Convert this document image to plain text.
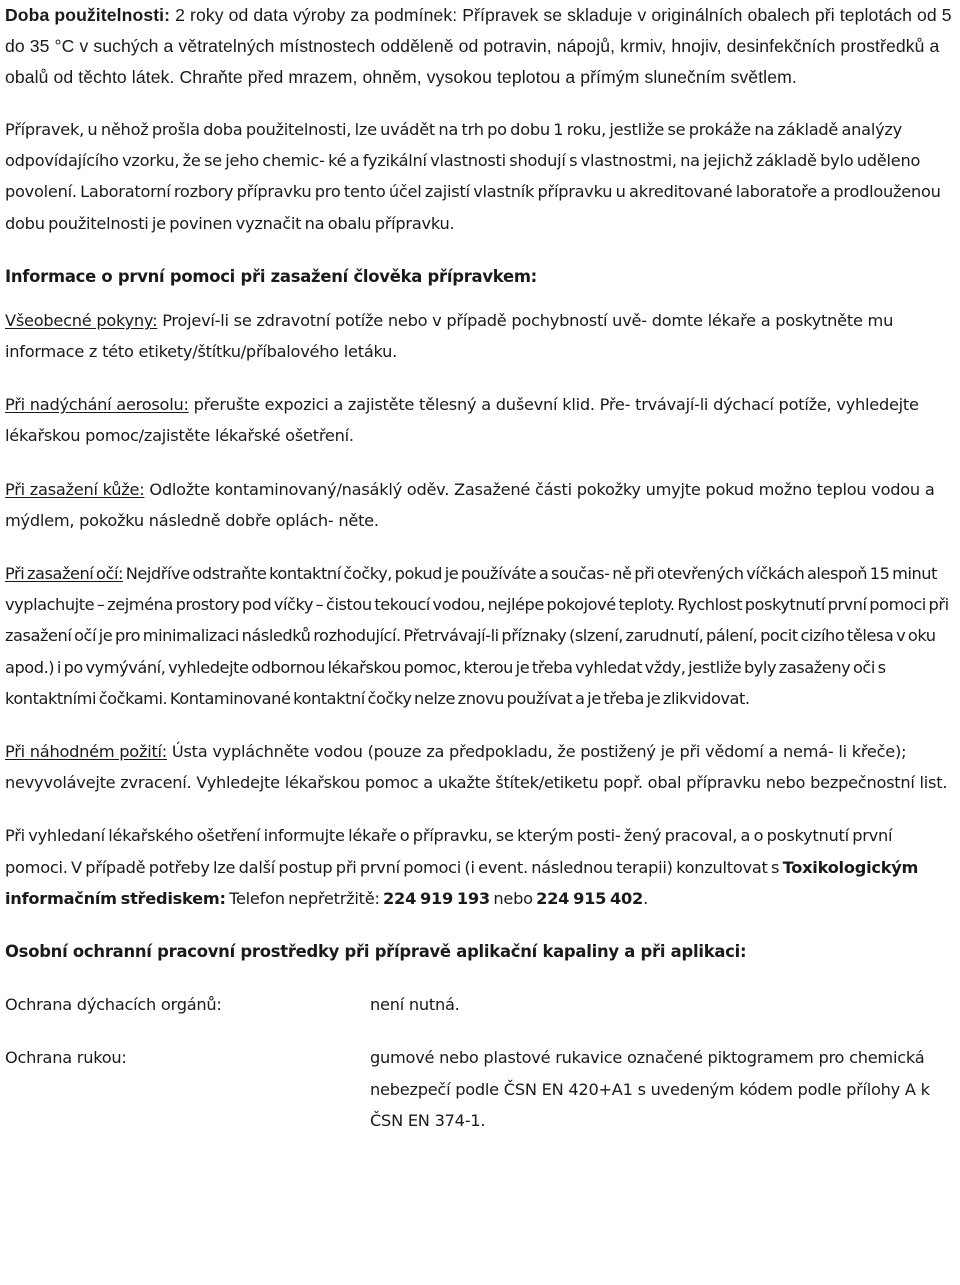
Doba použitelnosti: 2 roky od data výroby za podmínek: Přípravek se skladuje v originálních obalech při teplotách od 5 do 35 °C v suchých a větratelných místnostech odděleně od potravin, nápojů, krmiv, hnojiv, desinfekčních prostředků a obalů od těchto látek. Chraňte před mrazem, ohněm, vysokou teplotou a přímým slunečním světlem.

Přípravek, u něhož prošla doba použitelnosti, lze uvádět na trh po dobu 1 roku, jestliže se prokáže na základě analýzy odpovídajícího vzorku, že se jeho chemic- ké a fyzikální vlastnosti shodují s vlastnostmi, na jejichž základě bylo uděleno povolení. Laboratorní rozbory přípravku pro tento účel zajistí vlastník přípravku u akreditované laboratoře a prodlouženou dobu použitelnosti je povinen vyznačit na obalu přípravku.

Informace o první pomoci při zasažení člověka přípravkem:

Všeobecné pokyny: Projeví-li se zdravotní potíže nebo v případě pochybností uvě- domte lékaře a poskytněte mu informace z této etikety/štítku/příbalového letáku.

Při nadýchání aerosolu: přerušte expozici a zajistěte tělesný a duševní klid. Pře- trvávají-li dýchací potíže, vyhledejte lékařskou pomoc/zajistěte lékařské ošetření.

Při zasažení kůže: Odložte kontaminovaný/nasáklý oděv. Zasažené části pokožky umyjte pokud možno teplou vodou a mýdlem, pokožku následně dobře oplách- něte.

Při zasažení očí: Nejdříve odstraňte kontaktní čočky, pokud je používáte a součas- ně při otevřených víčkách alespoň 15 minut vyplachujte – zejména prostory pod víčky – čistou tekoucí vodou, nejlépe pokojové teploty. Rychlost poskytnutí první pomoci při zasažení očí je pro minimalizaci následků rozhodující. Přetrvávají-li příznaky (slzení, zarudnutí, pálení, pocit cizího tělesa v oku apod.) i po vymývání, vyhledejte odbornou lékařskou pomoc, kterou je třeba vyhledat vždy, jestliže byly zasaženy oči s kontaktními čočkami. Kontaminované kontaktní čočky nelze znovu používat a je třeba je zlikvidovat.

Při náhodném požití: Ústa vypláchněte vodou (pouze za předpokladu, že postižený je při vědomí a nemá- li křeče); nevyvolávejte zvracení. Vyhledejte lékařskou pomoc a ukažte štítek/etiketu popř. obal přípravku nebo bezpečnostní list.

Při vyhledaní lékařského ošetření informujte lékaře o přípravku, se kterým posti- žený pracoval, a o poskytnutí první pomoci. V případě potřeby lze další postup při první pomoci (i event. následnou terapii) konzultovat s Toxikologickým informačním střediskem: Telefon nepřetržitě: 224 919 193 nebo 224 915 402.

Osobní ochranní pracovní prostředky při přípravě aplikační kapaliny a při aplikaci:

Ochrana dýchacích orgánů:	není nutná.
Ochrana rukou:	gumové nebo plastové rukavice označené piktogramem pro chemická nebezpečí podle ČSN EN 420+A1 s uvedeným kódem podle přílohy A k ČSN EN 374-1.
